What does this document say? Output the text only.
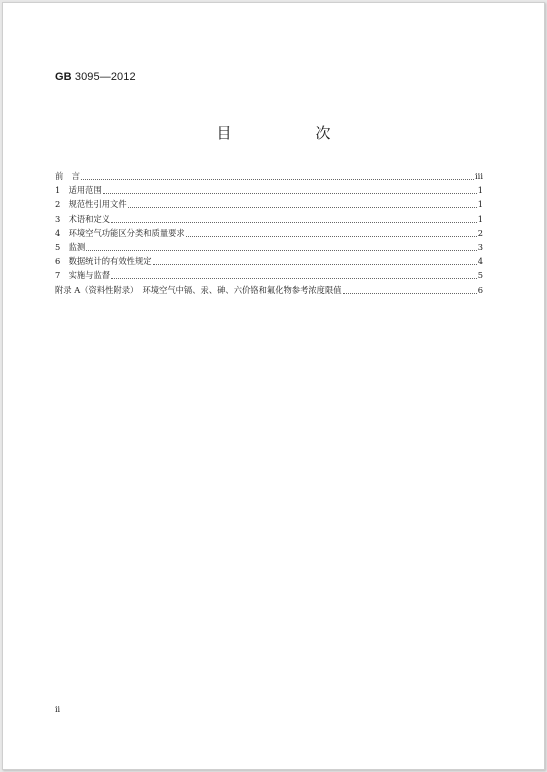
GB 3095—2012
目　　次
前　言	iii
1　适用范围	1
2　规范性引用文件	1
3　术语和定义	1
4　环境空气功能区分类和质量要求	2
5　监测	3
6　数据统计的有效性规定	4
7　实施与监督	5
附录 A（资料性附录）　环境空气中镉、汞、砷、六价铬和氟化物参考浓度限值	6
ii
